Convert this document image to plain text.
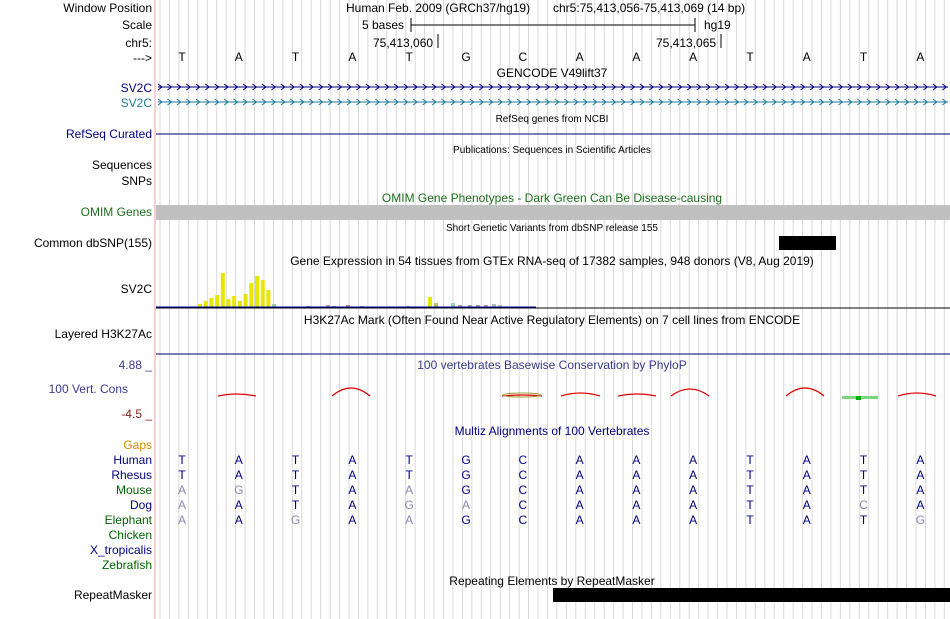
Window Position	Human Feb. 2009 (GRCh37/hg19) chr5:75,413,056-75,413,069 (14 bp)
Scale	5 bases	hg19
chr5:	75,413,060	75,413,065
---> T	A	T	A	T	G	C	A	A	A	T	A	T	A
GENCODE V49lift37
SV2C
SV2C
RefSeq genes from NCBI
RefSeq Curated
Publications: Sequences in Scientific Articles
Sequences
SNPs
OMIM Gene Phenotypes - Dark Green Can Be Disease-causing
OMIM Genes
Short Genetic Variants from dbSNP release 155
Common dbSNP(155)
Gene Expression in 54 tissues from GTEx RNA-seq of 17382 samples, 948 donors (V8, Aug 2019)
SV2C
H3K27Ac Mark (Often Found Near Active Regulatory Elements) on 7 cell lines from ENCODE
Layered H3K27Ac
100 vertebrates Basewise Conservation by PhyloP
4.88 _
100 Vert. Cons
-4.5 _
Multiz Alignments of 100 Vertebrates
Gaps
Human T	A	T	A	T	G	C	A	A	A	T	A	T	A
Rhesus T	A	T	A	T	G	C	A	A	A	T	A	T	A
Mouse A	G	T	A	A	G	C	A	A	A	T	A	T	A
Dog A	A	T	A	G	A	C	A	A	A	T	A	C	A
Elephant A	A	G	A	A	G	C	A	A	A	T	A	T	G
Chicken
X_tropicalis
Zebrafish
Repeating Elements by RepeatMasker
RepeatMasker
